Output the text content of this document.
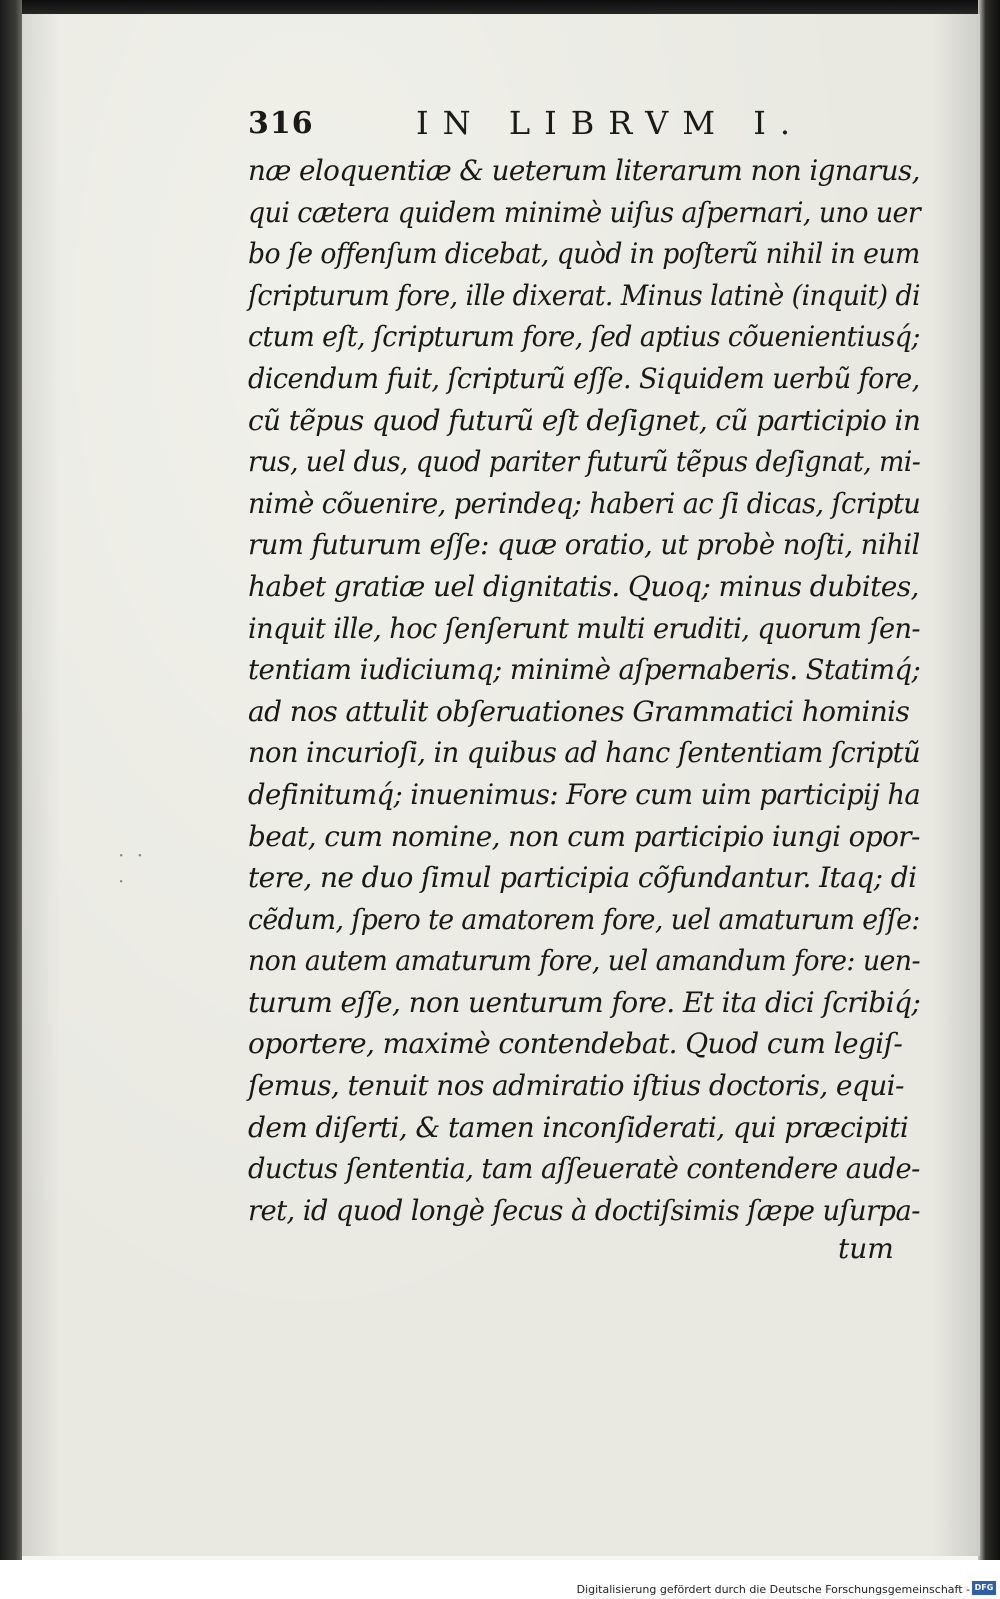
316	IN LIBRVM I.
· ·
·
næ eloquentiæ & ueterum literarum non ignarus,
qui cætera quidem minimè uiſus aſpernari, uno uer
bo ſe offenſum dicebat, quòd in poſterũ nihil in eum
ſcripturum fore, ille dixerat. Minus latinè (inquit) di
ctum eſt, ſcripturum fore, ſed aptius cõuenientiusq́;
dicendum fuit, ſcripturũ eſſe. Siquidem uerbũ fore,
cũ tẽpus quod futurũ eſt deſignet, cũ participio in
rus, uel dus, quod pariter futurũ tẽpus deſignat, mi-
nimè cõuenire, perindeq; haberi ac ſi dicas, ſcriptu
rum futurum eſſe: quæ oratio, ut probè noſti, nihil
habet gratiæ uel dignitatis. Quoq; minus dubites,
inquit ille, hoc ſenſerunt multi eruditi, quorum ſen-
tentiam iudiciumq; minimè aſpernaberis. Statimq́;
ad nos attulit obſeruationes Grammatici hominis
non incurioſi, in quibus ad hanc ſententiam ſcriptũ
definitumq́; inuenimus: Fore cum uim participij ha
beat, cum nomine, non cum participio iungi opor-
tere, ne duo ſimul participia cõfundantur. Itaq; di
cẽdum, ſpero te amatorem fore, uel amaturum eſſe:
non autem amaturum fore, uel amandum fore: uen-
turum eſſe, non uenturum fore. Et ita dici ſcribiq́;
oportere, maximè contendebat. Quod cum legiſ-
ſemus, tenuit nos admiratio iſtius doctoris, equi-
dem diſerti, & tamen inconſiderati, qui præcipiti
ductus ſententia, tam aſſeueratè contendere aude-
ret, id quod longè ſecus à doctiſsimis ſæpe uſurpa-
tum
Digitalisierung gefördert durch die Deutsche Forschungsgemeinschaft - DFG
